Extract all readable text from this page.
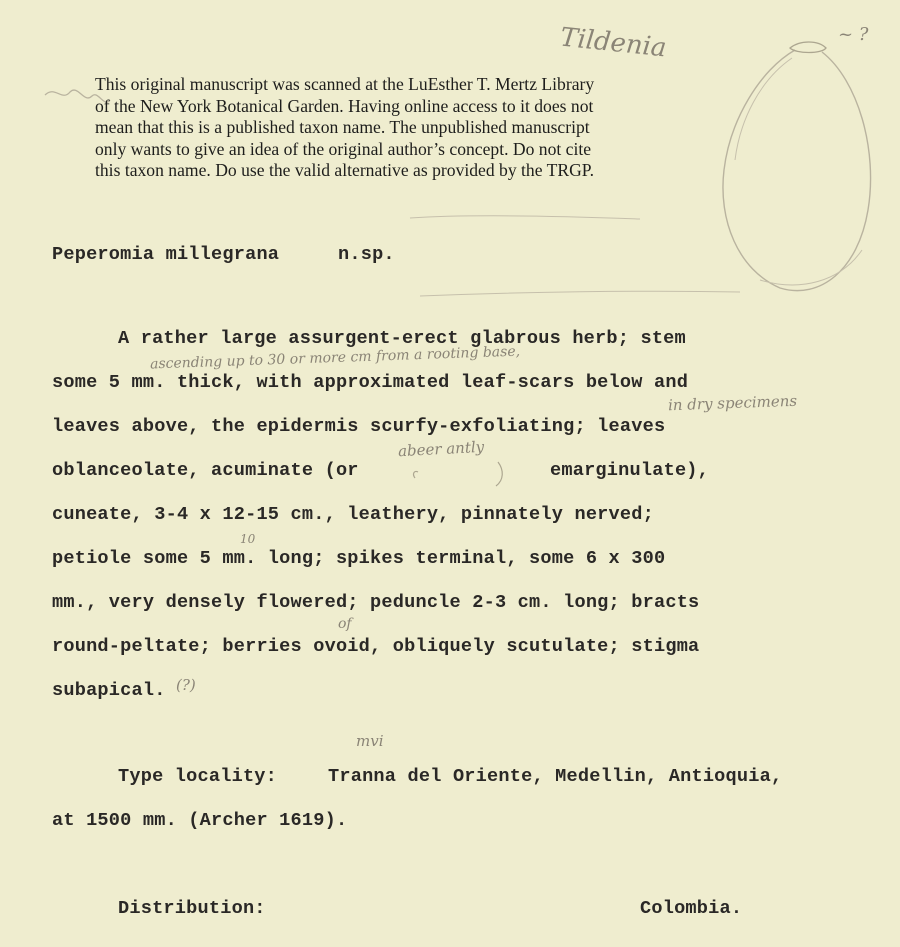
This original manuscript was scanned at the LuEsther T. Mertz Library
of the New York Botanical Garden. Having online access to it does not
mean that this is a published taxon name. The unpublished manuscript
only wants to give an idea of the original author’s concept. Do not cite
this taxon name. Do use the valid alternative as provided by the TRGP.
Peperomia millegrana	n.sp.
A rather large assurgent-erect glabrous herb; stem
some 5 mm. thick, with approximated leaf-scars below and
leaves above, the epidermis scurfy-exfoliating; leaves
oblanceolate, acuminate (or	emarginulate),
cuneate, 3-4 x 12-15 cm., leathery, pinnately nerved;
petiole some 5 mm. long; spikes terminal, some 6 x 300
mm., very densely flowered; peduncle 2-3 cm. long; bracts
round-peltate; berries ovoid, obliquely scutulate; stigma
subapical.
Type locality:	Tranna del Oriente, Medellin, Antioquia,
at 1500 mm. (Archer 1619).
Distribution:	Colombia.
Tildenia	~ ?
ascending up to 30 or more cm from a rooting base,
in dry specimens
abeer antly
10
of
(?)
mvi
